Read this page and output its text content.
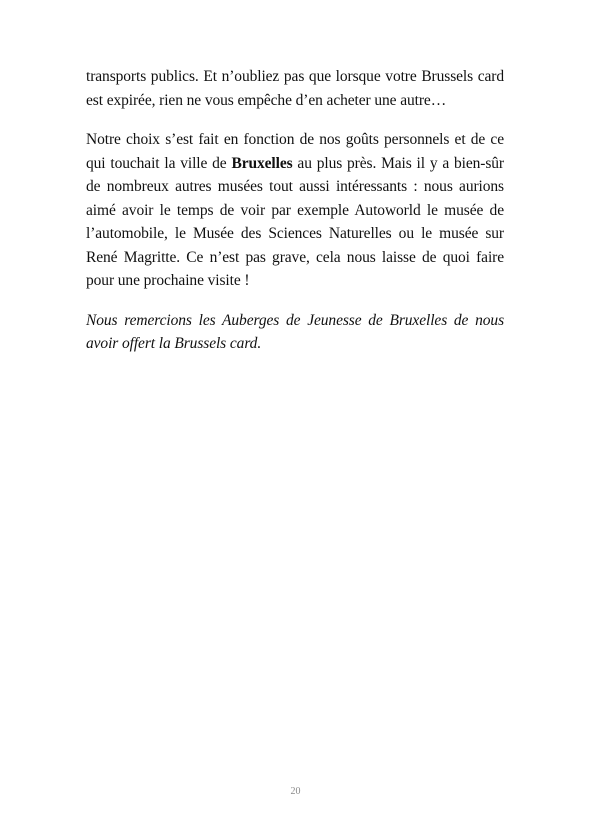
transports publics. Et n’oubliez pas que lorsque votre Brussels card est expirée, rien ne vous empêche d’en acheter une autre…

Notre choix s’est fait en fonction de nos goûts personnels et de ce qui touchait la ville de Bruxelles au plus près. Mais il y a bien-sûr de nombreux autres musées tout aussi intéressants : nous aurions aimé avoir le temps de voir par exemple Autoworld le musée de l’automobile, le Musée des Sciences Naturelles ou le musée sur René Magritte. Ce n’est pas grave, cela nous laisse de quoi faire pour une prochaine visite !

Nous remercions les Auberges de Jeunesse de Bruxelles de nous avoir offert la Brussels card.

20
